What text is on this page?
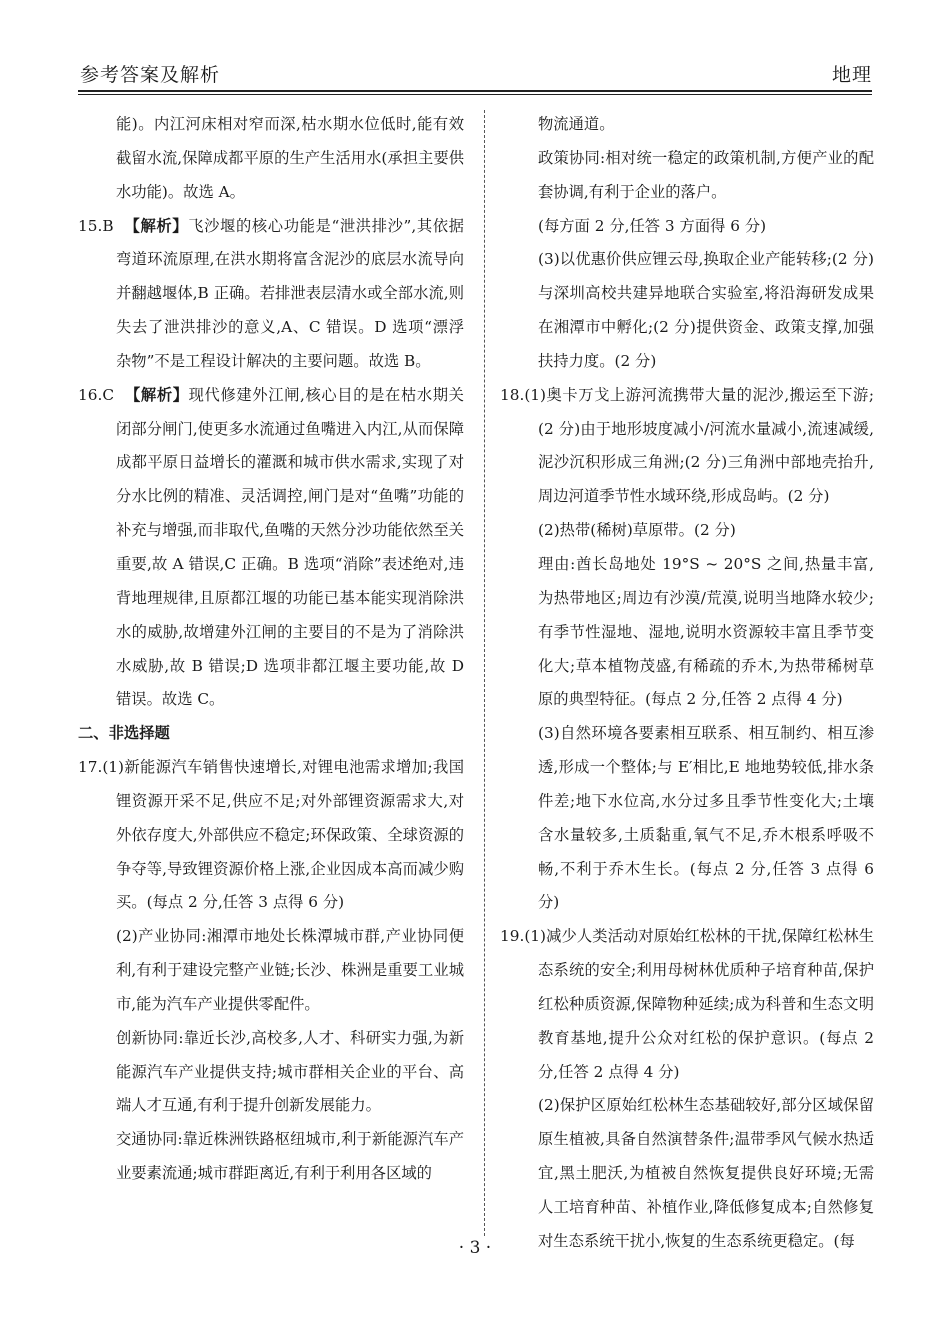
参考答案及解析	地理

能)。内江河床相对窄而深,枯水期水位低时,能有效截留水流,保障成都平原的生产生活用水(承担主要供水功能)。故选 A。

15.B 【解析】飞沙堰的核心功能是“泄洪排沙”,其依据弯道环流原理,在洪水期将富含泥沙的底层水流导向并翻越堰体,B 正确。若排泄表层清水或全部水流,则失去了泄洪排沙的意义,A、C 错误。D 选项“漂浮杂物”不是工程设计解决的主要问题。故选 B。

16.C 【解析】现代修建外江闸,核心目的是在枯水期关闭部分闸门,使更多水流通过鱼嘴进入内江,从而保障成都平原日益增长的灌溉和城市供水需求,实现了对分水比例的精准、灵活调控,闸门是对“鱼嘴”功能的补充与增强,而非取代,鱼嘴的天然分沙功能依然至关重要,故 A 错误,C 正确。B 选项“消除”表述绝对,违背地理规律,且原都江堰的功能已基本能实现消除洪水的威胁,故增建外江闸的主要目的不是为了消除洪水威胁,故 B 错误;D 选项非都江堰主要功能,故 D 错误。故选 C。

二、非选择题

17.(1)新能源汽车销售快速增长,对锂电池需求增加;我国锂资源开采不足,供应不足;对外部锂资源需求大,对外依存度大,外部供应不稳定;环保政策、全球资源的争夺等,导致锂资源价格上涨,企业因成本高而减少购买。(每点 2 分,任答 3 点得 6 分)

(2)产业协同:湘潭市地处长株潭城市群,产业协同便利,有利于建设完整产业链;长沙、株洲是重要工业城市,能为汽车产业提供零配件。

创新协同:靠近长沙,高校多,人才、科研实力强,为新能源汽车产业提供支持;城市群相关企业的平台、高端人才互通,有利于提升创新发展能力。

交通协同:靠近株洲铁路枢纽城市,利于新能源汽车产业要素流通;城市群距离近,有利于利用各区域的

物流通道。

政策协同:相对统一稳定的政策机制,方便产业的配套协调,有利于企业的落户。

(每方面 2 分,任答 3 方面得 6 分)

(3)以优惠价供应锂云母,换取企业产能转移;(2 分)与深圳高校共建异地联合实验室,将沿海研发成果在湘潭市中孵化;(2 分)提供资金、政策支撑,加强扶持力度。(2 分)

18.(1)奥卡万戈上游河流携带大量的泥沙,搬运至下游;(2 分)由于地形坡度减小/河流水量减小,流速减缓,泥沙沉积形成三角洲;(2 分)三角洲中部地壳抬升,周边河道季节性水域环绕,形成岛屿。(2 分)

(2)热带(稀树)草原带。(2 分)

理由:酋长岛地处 19°S ~ 20°S 之间,热量丰富,为热带地区;周边有沙漠/荒漠,说明当地降水较少;有季节性湿地、湿地,说明水资源较丰富且季节变化大;草本植物茂盛,有稀疏的乔木,为热带稀树草原的典型特征。(每点 2 分,任答 2 点得 4 分)

(3)自然环境各要素相互联系、相互制约、相互渗透,形成一个整体;与 E′相比,E 地地势较低,排水条件差;地下水位高,水分过多且季节性变化大;土壤含水量较多,土质黏重,氧气不足,乔木根系呼吸不畅,不利于乔木生长。(每点 2 分,任答 3 点得 6 分)

19.(1)减少人类活动对原始红松林的干扰,保障红松林生态系统的安全;利用母树林优质种子培育种苗,保护红松种质资源,保障物种延续;成为科普和生态文明教育基地,提升公众对红松的保护意识。(每点 2 分,任答 2 点得 4 分)

(2)保护区原始红松林生态基础较好,部分区域保留原生植被,具备自然演替条件;温带季风气候水热适宜,黑土肥沃,为植被自然恢复提供良好环境;无需人工培育种苗、补植作业,降低修复成本;自然修复对生态系统干扰小,恢复的生态系统更稳定。(每

· 3 ·
